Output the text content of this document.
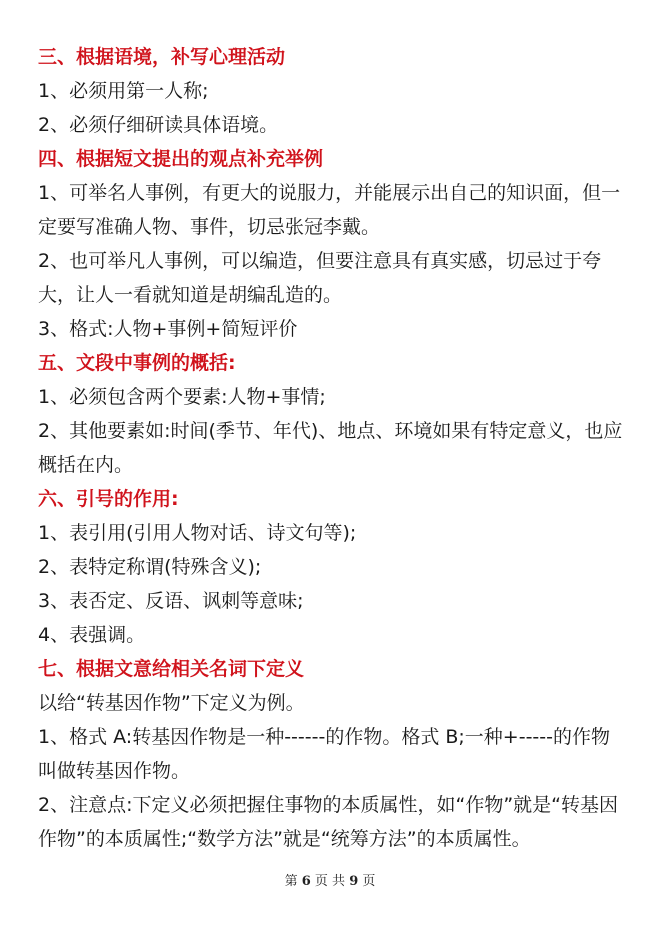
三、根据语境，补写心理活动
1、必须用第一人称;
2、必须仔细研读具体语境。
四、根据短文提出的观点补充举例
1、可举名人事例，有更大的说服力，并能展示出自己的知识面，但一定要写准确人物、事件，切忌张冠李戴。
2、也可举凡人事例，可以编造，但要注意具有真实感，切忌过于夸大，让人一看就知道是胡编乱造的。
3、格式:人物+事例+简短评价
五、文段中事例的概括:
1、必须包含两个要素:人物+事情;
2、其他要素如:时间(季节、年代)、地点、环境如果有特定意义，也应概括在内。
六、引号的作用:
1、表引用(引用人物对话、诗文句等);
2、表特定称谓(特殊含义);
3、表否定、反语、讽刺等意味;
4、表强调。
七、根据文意给相关名词下定义
以给“转基因作物”下定义为例。
1、格式 A:转基因作物是一种------的作物。格式 B;一种+-----的作物叫做转基因作物。
2、注意点:下定义必须把握住事物的本质属性，如“作物”就是“转基因作物”的本质属性;“数学方法”就是“统筹方法”的本质属性。
第 6 页 共 9 页
